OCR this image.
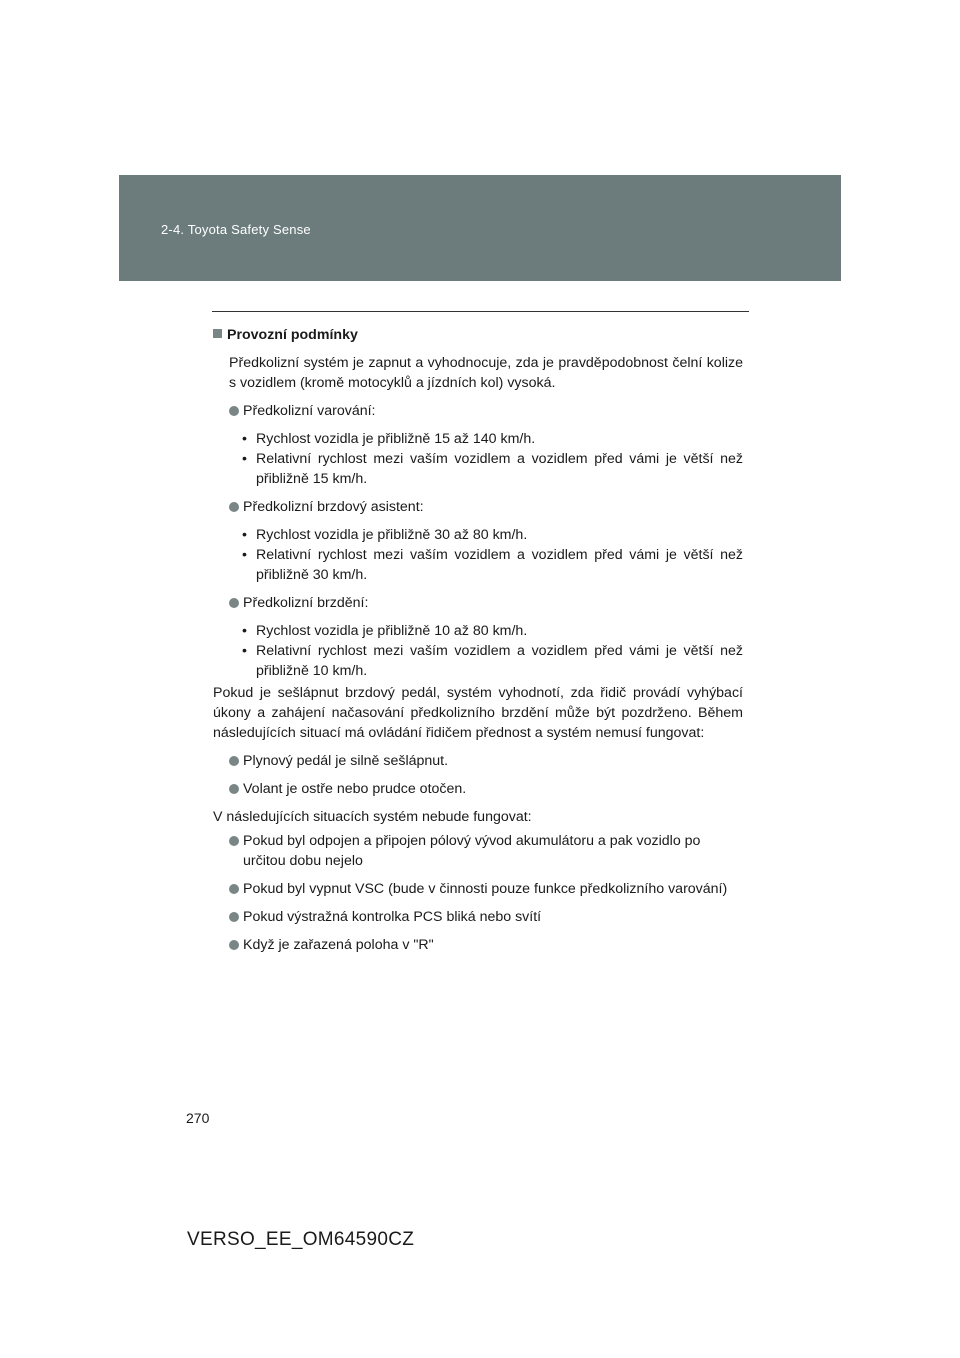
2-4. Toyota Safety Sense
Provozní podmínky

Předkolizní systém je zapnut a vyhodnocuje, zda je pravděpodobnost čelní kolize s vozidlem (kromě motocyklů a jízdních kol) vysoká.

Předkolizní varování:

• Rychlost vozidla je přibližně 15 až 140 km/h.

• Relativní rychlost mezi vaším vozidlem a vozidlem před vámi je větší než přibližně 15 km/h.

Předkolizní brzdový asistent:

• Rychlost vozidla je přibližně 30 až 80 km/h.

• Relativní rychlost mezi vaším vozidlem a vozidlem před vámi je větší než přibližně 30 km/h.

Předkolizní brzdění:

• Rychlost vozidla je přibližně 10 až 80 km/h.

• Relativní rychlost mezi vaším vozidlem a vozidlem před vámi je větší než přibližně 10 km/h.

Pokud je sešlápnut brzdový pedál, systém vyhodnotí, zda řidič provádí vyhýbací úkony a zahájení načasování předkolizního brzdění může být pozdrženo. Během následujících situací má ovládání řidičem přednost a systém nemusí fungovat:

Plynový pedál je silně sešlápnut.
Volant je ostře nebo prudce otočen.

V následujících situacích systém nebude fungovat:

Pokud byl odpojen a připojen pólový vývod akumulátoru a pak vozidlo po určitou dobu nejelo
Pokud byl vypnut VSC (bude v činnosti pouze funkce předkolizního varování)
Pokud výstražná kontrolka PCS bliká nebo svítí
Když je zařazená poloha v "R"
270
VERSO_EE_OM64590CZ
